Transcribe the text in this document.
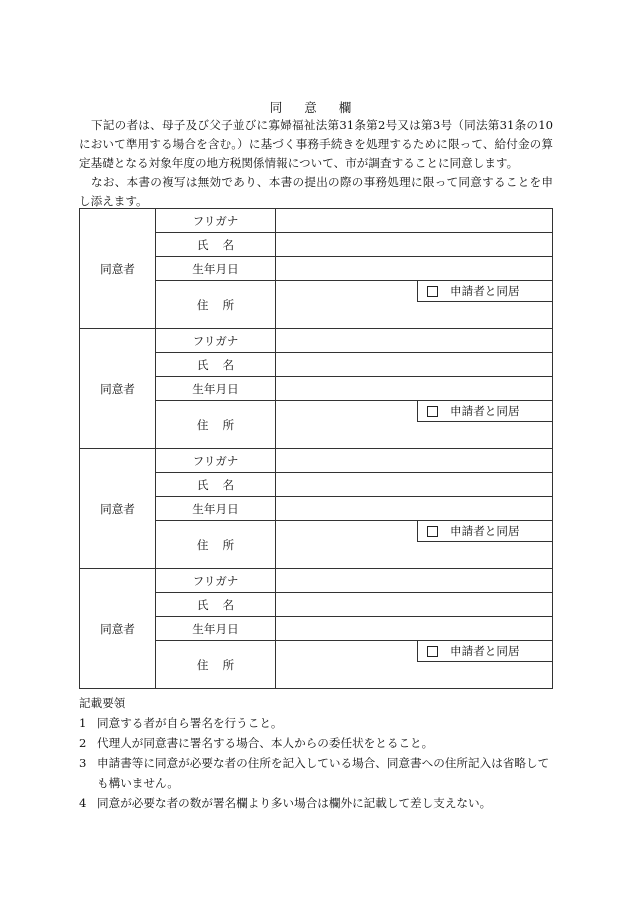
同 意 欄
下記の者は、母子及び父子並びに寡婦福祉法第31条第2号又は第3号（同法第31条の10において準用する場合を含む。）に基づく事務手続きを処理するために限って、給付金の算定基礎となる対象年度の地方税関係情報について、市が調査することに同意します。
なお、本書の複写は無効であり、本書の提出の際の事務処理に限って同意することを申し添えます。
同意者	フリガナ	
	氏名	
	生年月日	
	住所	申請者と同居

同意者	フリガナ	
	氏名	
	生年月日	
	住所	申請者と同居

同意者	フリガナ	
	氏名	
	生年月日	
	住所	申請者と同居

同意者	フリガナ	
	氏名	
	生年月日	
	住所	申請者と同居
記載要領
1 同意する者が自ら署名を行うこと。
2 代理人が同意書に署名する場合、本人からの委任状をとること。
3 申請書等に同意が必要な者の住所を記入している場合、同意書への住所記入は省略しても構いません。
4 同意が必要な者の数が署名欄より多い場合は欄外に記載して差し支えない。
